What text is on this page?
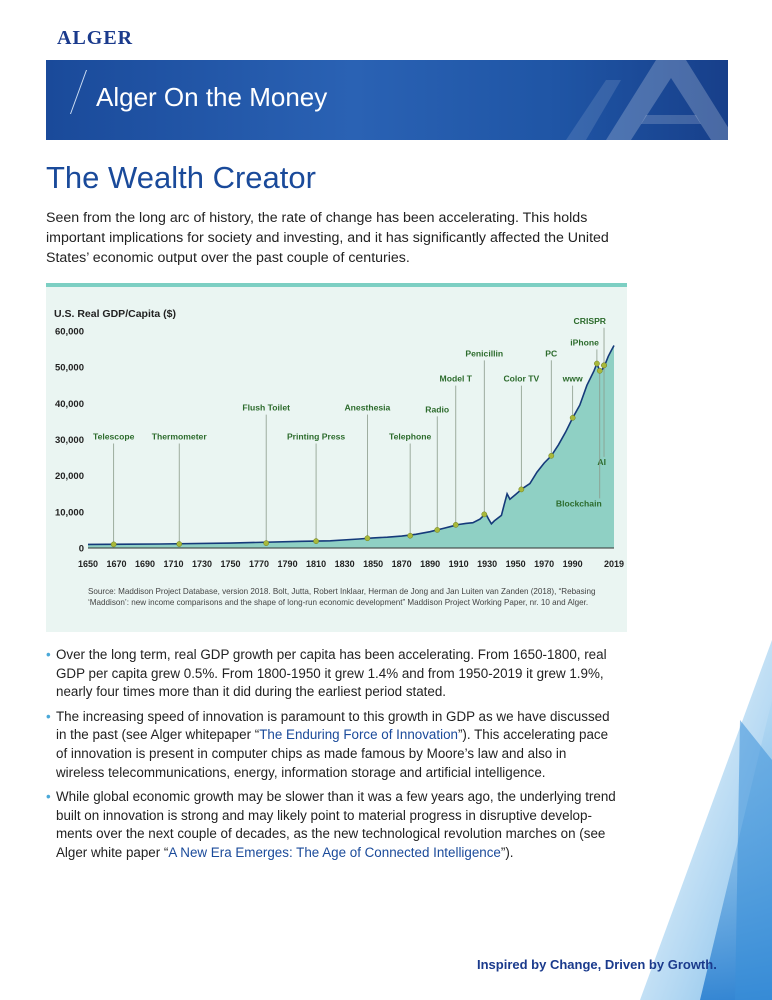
ALGER
Alger On the Money
The Wealth Creator

Seen from the long arc of history, the rate of change has been accelerating. This holds important implications for society and investing, and it has significantly affected the United States’ economic output over the past couple of centuries.

U.S. Real GDP/Capita ($)
0
10,000
20,000
30,000
40,000
50,000
60,000
1650 1670 1690 1710 1730 1750 1770 1790 1810 1830 1850 1870 1890 1910 1930 1950 1970 1990 2019
Telescope Thermometer
Flush Toilet
Printing Press
Anesthesia
Telephone
Radio
Model T
Penicillin
Color TV
PC
www
iPhone
CRISPR
AI
Blockchain

Source: Maddison Project Database, version 2018. Bolt, Jutta, Robert Inklaar, Herman de Jong and Jan Luiten van Zanden (2018), “Rebasing ‘Maddison’: new income comparisons and the shape of long-run economic development” Maddison Project Working Paper, nr. 10 and Alger.

• Over the long term, real GDP growth per capita has been accelerating. From 1650-1800, real GDP per capita grew 0.5%. From 1800-1950 it grew 1.4% and from 1950-2019 it grew 1.9%, nearly four times more than it did during the earliest period stated.
• The increasing speed of innovation is paramount to this growth in GDP as we have discussed in the past (see Alger whitepaper “The Enduring Force of Innovation”). This accelerating pace of innovation is present in computer chips as made famous by Moore’s law and also in wireless telecommunications, energy, information storage and artificial intelligence.
• While global economic growth may be slower than it was a few years ago, the underlying trend built on innovation is strong and may likely point to material progress in disruptive develop-ments over the next couple of decades, as the new technological revolution marches on (see Alger white paper “A New Era Emerges: The Age of Connected Intelligence”).
Inspired by Change, Driven by Growth.
